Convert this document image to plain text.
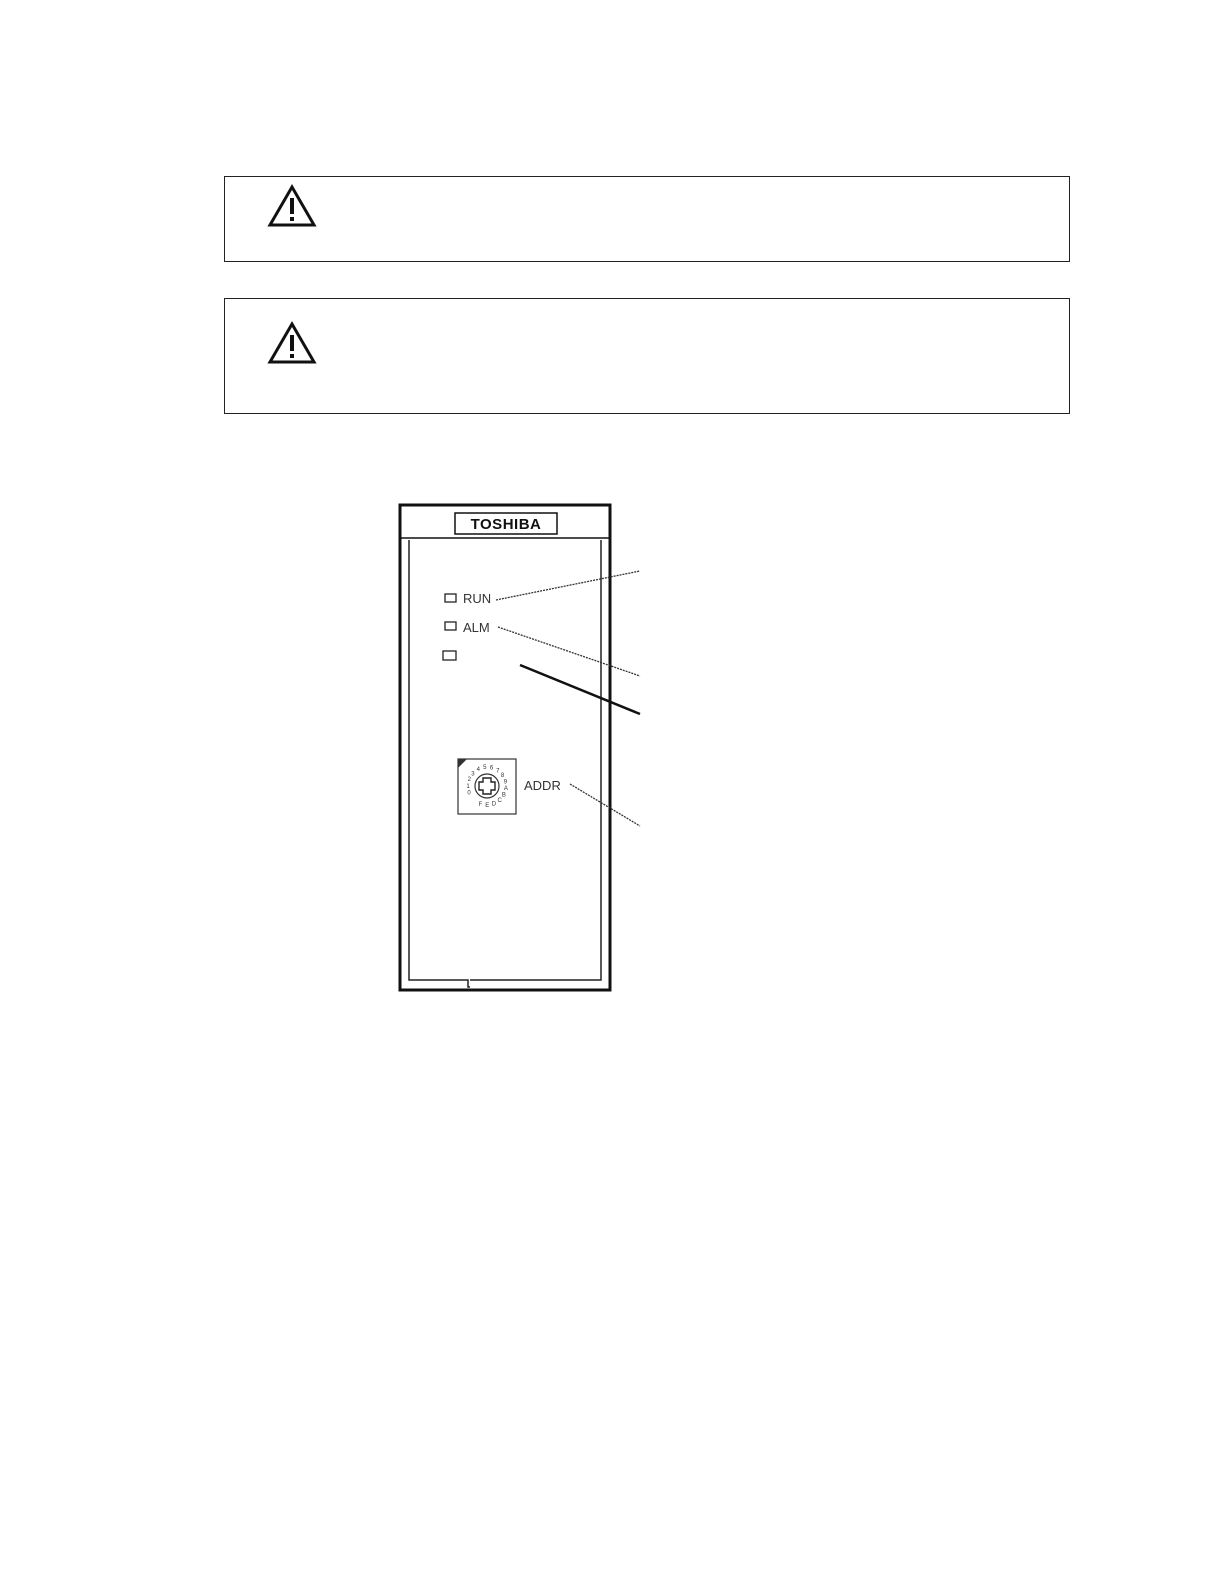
TOSHIBA
RUN
ALM
0
1
2
3
4 5 6 7
8
9
A
B
C
D
E
F
ADDR
